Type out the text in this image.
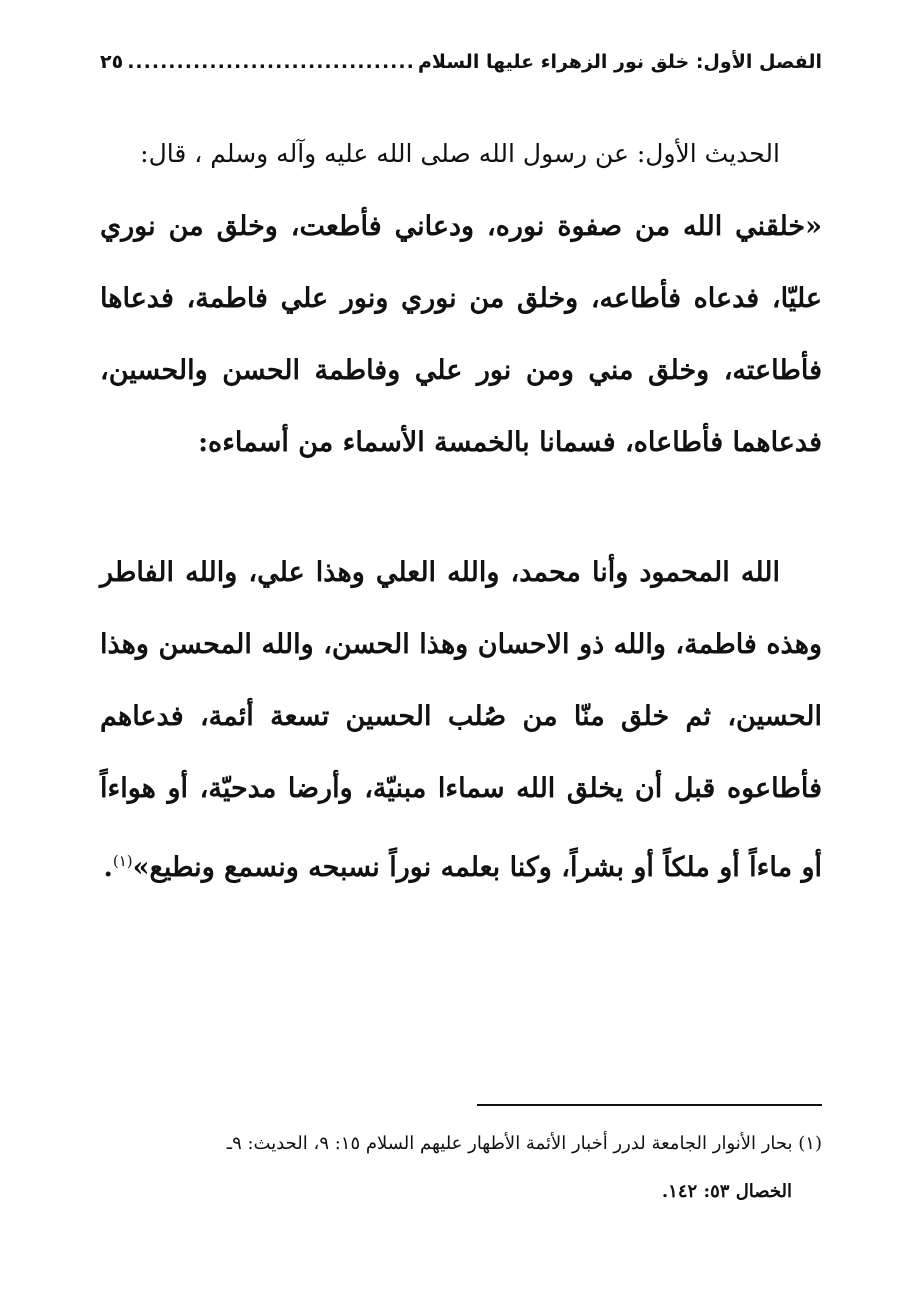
الفصل الأول: خلق نور الزهراء عليها السلام
.....
٢٥

الحديث الأول: عن رسول الله صلى الله عليه وآله وسلم ، قال:

«خلقني الله من صفوة نوره، ودعاني فأطعت، وخلق من نوري عليّا، فدعاه فأطاعه، وخلق من نوري ونور علي فاطمة، فدعاها فأطاعته، وخلق مني ومن نور علي وفاطمة الحسن والحسين، فدعاهما فأطاعاه، فسمانا بالخمسة الأسماء من أسماءه:

الله المحمود وأنا محمد، والله العلي وهذا علي، والله الفاطر وهذه فاطمة، والله ذو الاحسان وهذا الحسن، والله المحسن وهذا الحسين، ثم خلق منّا من صُلب الحسين تسعة أئمة، فدعاهم فأطاعوه قبل أن يخلق الله سماءا مبنيّة، وأرضا مدحيّة، أو هواءاً أو ماءاً أو ملكاً أو بشراً، وكنا بعلمه نوراً نسبحه ونسمع ونطيع»$^{(١)}$.

(١) بحار الأنوار الجامعة لدرر أخبار الأئمة الأطهار عليهم السلام ١٥: ٩، الحديث: ٩ـ

الخصال ٥٣: ١٤٢.
